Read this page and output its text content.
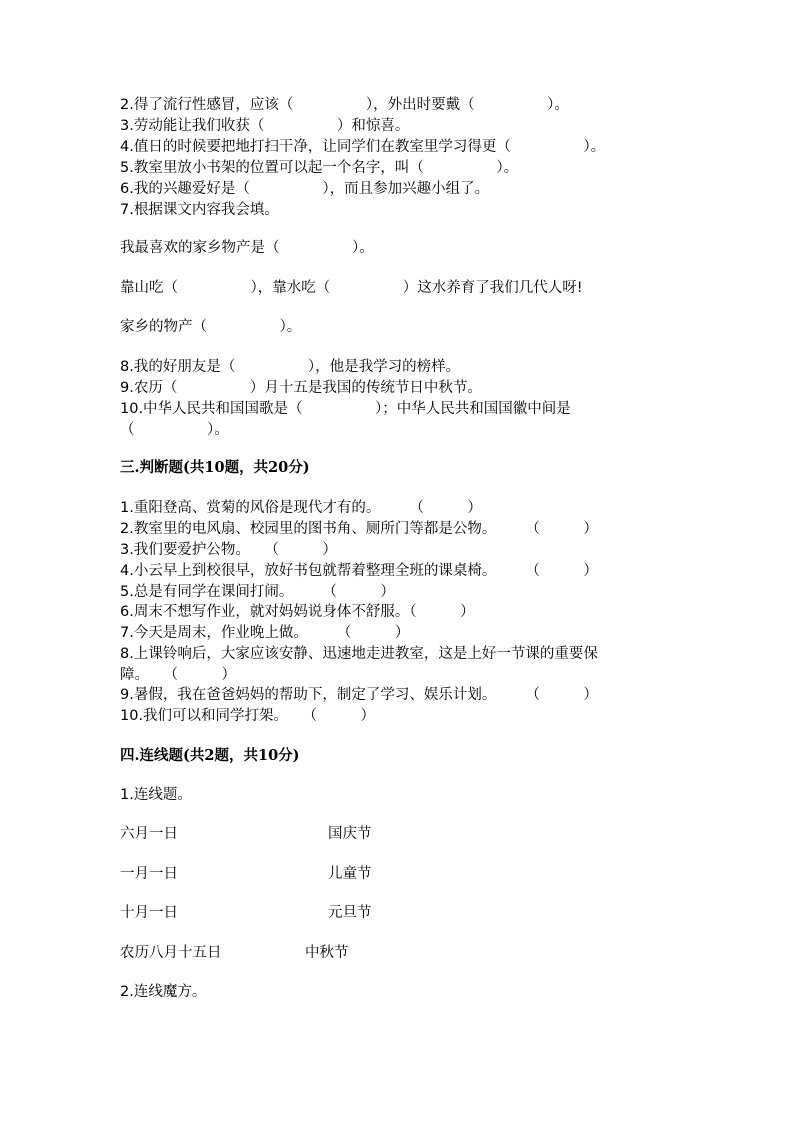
2.得了流行性感冒，应该（　　　　　），外出时要戴（　　　　　）。
3.劳动能让我们收获（　　　　　）和惊喜。
4.值日的时候要把地打扫干净，让同学们在教室里学习得更（　　　　　）。
5.教室里放小书架的位置可以起一个名字，叫（　　　　　）。
6.我的兴趣爱好是（　　　　　），而且参加兴趣小组了。
7.根据课文内容我会填。
我最喜欢的家乡物产是（　　　　　）。
靠山吃（　　　　　），靠水吃（　　　　　）这水养育了我们几代人呀!
家乡的物产（　　　　　）。
8.我的好朋友是（　　　　　），他是我学习的榜样。
9.农历（　　　　　）月十五是我国的传统节日中秋节。
10.中华人民共和国国歌是（　　　　　）；中华人民共和国国徽中间是
（　　　　　）。
三.判断题(共10题，共20分)
1.重阳登高、赏菊的风俗是现代才有的。　　　（　　　）
2.教室里的电风扇、校园里的图书角、厕所门等都是公物。　　　（　　　）
3.我们要爱护公物。　　（　　　）
4.小云早上到校很早，放好书包就帮着整理全班的课桌椅。　　　（　　　）
5.总是有同学在课间打闹。　　　（　　　）
6.周末不想写作业，就对妈妈说身体不舒服。（　　　）
7.今天是周末，作业晚上做。　　　（　　　）
8.上课铃响后，大家应该安静、迅速地走进教室，这是上好一节课的重要保
障。　　（　　　）
9.暑假，我在爸爸妈妈的帮助下，制定了学习、娱乐计划。　　　（　　　）
10.我们可以和同学打架。　　（　　　）
四.连线题(共2题，共10分)
1.连线题。
六月一日	国庆节
一月一日	儿童节
十月一日	元旦节
农历八月十五日	中秋节
2.连线魔方。
